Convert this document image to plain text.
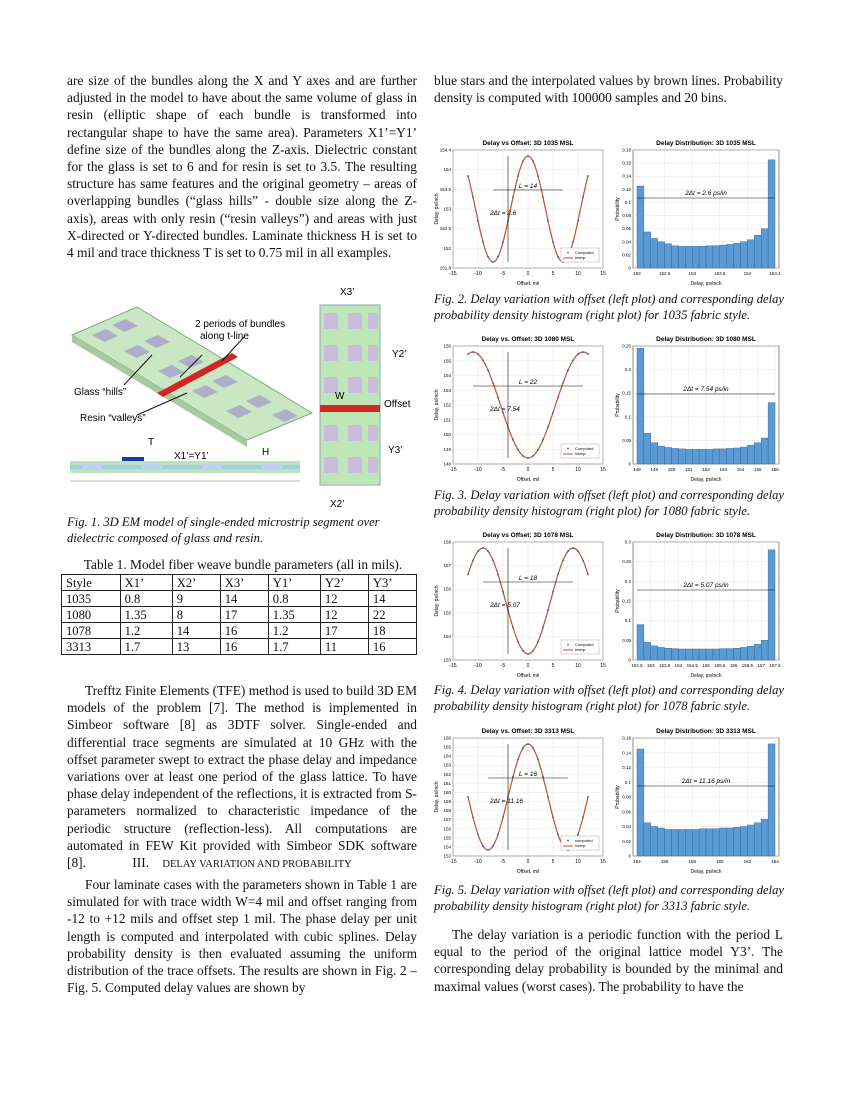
are size of the bundles along the X and Y axes and are further adjusted in the model to have about the same volume of glass in resin (elliptic shape of each bundle is transformed into rectangular shape to have the same area). Parameters X1’=Y1’ define size of the bundles along the Z-axis. Dielectric constant for the glass is set to 6 and for resin is set to 3.5. The resulting structure has same features and the original geometry – areas of overlapping bundles (“glass hills” - double size along the Z-axis), areas with only resin (“resin valleys”) and areas with just X-directed or Y-directed bundles. Laminate thickness H is set to 4 mil and trace thickness T is set to 0.75 mil in all examples.

2 periods of bundles
along t-line
Glass “hills”
Resin “valleys”
T
X1’=Y1’	H
X3’
Y2’
W
Offset
Y3’
X2’

Fig. 1. 3D EM model of single-ended microstrip segment over dielectric composed of glass and resin.

Table 1. Model fiber weave bundle parameters (all in mils).

Style	X1’	X2’	X3’	Y1’	Y2’	Y3’
1035	0.8	9	14	0.8	12	14
1080	1.35	8	17	1.35	12	22
1078	1.2	14	16	1.2	17	18
3313	1.7	13	16	1.7	11	16

Trefftz Finite Elements (TFE) method is used to build 3D EM models of the problem [7]. The method is implemented in Simbeor software [8] as 3DTF solver. Single-ended and differential trace segments are simulated at 10 GHz with the offset parameter swept to extract the phase delay and impedance variations over at least one period of the glass lattice. To have phase delay independent of the reflections, it is extracted from S-parameters normalized to characteristic impedance of the periodic structure (reflection-less). All computations are automated in FEW Kit provided with Simbeor SDK software [8].	III. DELAY VARIATION AND PROBABILITY

Four laminate cases with the parameters shown in Table 1 are simulated for with trace width W=4 mil and offset ranging from -12 to +12 mils and offset step 1 mil. The phase delay per unit length is computed and interpolated with cubic splines. Delay probability density is then evaluated assuming the uniform distribution of the trace offsets. The results are shown in Fig. 2 – Fig. 5. Computed delay values are shown by

blue stars and the interpolated values by brown lines. Probability density is computed with 100000 samples and 20 bins.

Delay vs Offset: 3D 1035 MSL
-15	-10	-5	0	5	10	15
151.8
152
152.5
153
153.5
154
154.4
Offset, mil
Delay, ps/inch
L = 14
2Δt = 2.6
Computed
Interp.
Delay Distribution: 3D 1035 MSL
0
0.02
0.04
0.06
0.08
0.1
0.12
0.14
0.16
0.18
152	152.5	153	153.5	154	154.4
2Δt = 2.6 ps/in
Delay, ps/inch
Probability

Fig. 2. Delay variation with offset (left plot) and corresponding delay probability density histogram (right plot) for 1035 fabric style.

Delay vs. Offset: 3D 1080 MSL
-15	-10	-5	0	5	10	15
148
149
150
151
152
153
154
155
156
Offset, mil
Delay, ps/inch
L = 22
2Δt = 7.54
Computed
Interp.
Delay Distribution: 3D 1080 MSL
0
0.05
0.1
0.15
0.2
0.25
148 149 150 151 152 153 154 155 156
2Δt = 7.54 ps/in
Delay, ps/inch
Probability

Fig. 3. Delay variation with offset (left plot) and corresponding delay probability density histogram (right plot) for 1080 fabric style.

Delay vs Offset: 3D 1078 MSL
-15	-10	-5	0	5	10	15
153
154
155
156
157
158
Offset, mil
Delay, ps/inch
L = 18
2Δt = 5.07
Computed
Interp.
Delay Distribution: 3D 1078 MSL
0
0.05
0.1
0.15
0.2
0.25
0.3
152.5 153 153.5 154 154.5 155 155.5 156 156.5 157 157.5
2Δt = 5.07 ps/in
Delay, ps/inch
Probability

Fig. 4. Delay variation with offset (left plot) and corresponding delay probability density histogram (right plot) for 1078 fabric style.

Delay vs. Offset: 3D 3313 MSL
-15	-10	-5	0	5	10	15
153
154
155
156
157
158
159
160
161
162
163
164
165
166
Offset, mil
Delay, ps/inch
L = 16
2Δt = 11.16
computed
Interp.
Delay Distribution: 3D 3313 MSL
0
0.02
0.04
0.06
0.08
0.1
0.12
0.14
0.16
154	156	158	160	162	164
2Δt = 11.16 ps/in
Delay, ps/inch
Probability

Fig. 5. Delay variation with offset (left plot) and corresponding delay probability density histogram (right plot) for 3313 fabric style.

The delay variation is a periodic function with the period L equal to the period of the original lattice model Y3’. The corresponding delay probability is bounded by the minimal and maximal values (worst cases). The probability to have the
